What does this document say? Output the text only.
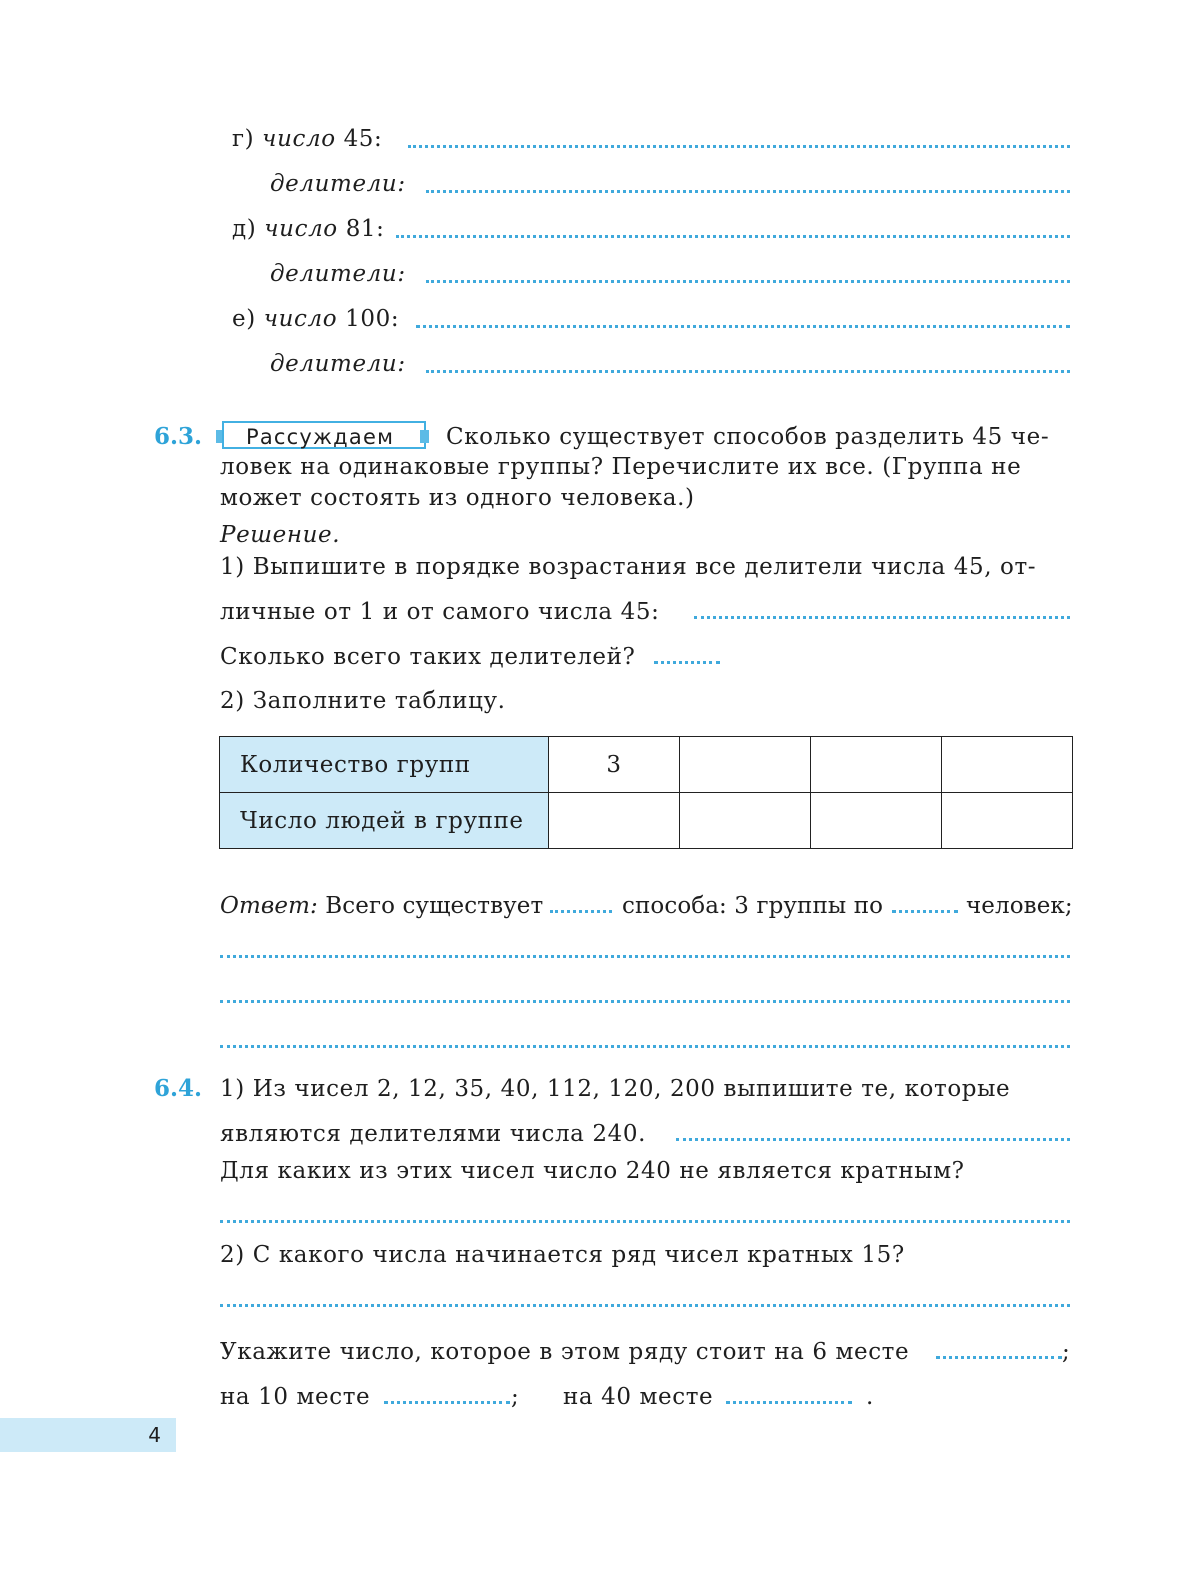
г) число 45:
делители:
д) число 81:
делители:
е) число 100:
делители:
6.3.	Рассуждаем	Сколько существует способов разделить 45 че-
ловек на одинаковые группы? Перечислите их все. (Группа не
может состоять из одного человека.)
Решение.
1) Выпишите в порядке возрастания все делители числа 45, от-
личные от 1 и от самого числа 45:
Сколько всего таких делителей?
2) Заполните таблицу.
Количество групп	3			
Число людей в группе				
Ответ: Всего существует	способа: 3 группы по	человек;
6.4. 1) Из чисел 2, 12, 35, 40, 112, 120, 200 выпишите те, которые
являются делителями числа 240.
Для каких из этих чисел число 240 не является кратным?
2) С какого числа начинается ряд чисел кратных 15?
Укажите число, которое в этом ряду стоит на 6 месте	;
на 10 месте	; на 40 месте	.
4
